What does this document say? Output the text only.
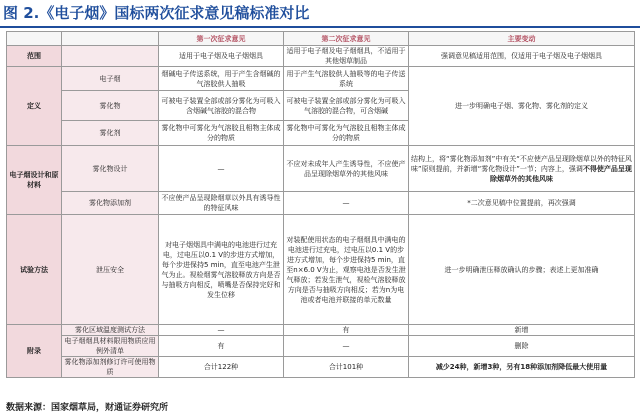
图 2.《电子烟》国标两次征求意见稿标准对比
		第一次征求意见	第二次征求意见	主要变动
范围		适用于电子烟及电子烟烟具	适用于电子烟及电子烟烟具，不适用于其他烟草制品	强调意见稿适用范围，仅适用于电子烟及电子烟烟具
定义	电子烟	烟碱电子传送系统，用于产生含烟碱的气溶胶供人抽吸	用于产生气溶胶供人抽吸等的电子传送系统	进一步明确电子烟、雾化物、雾化剂的定义
	雾化物	可被电子装置全部或部分雾化为可吸入含烟碱气溶胶的混合物	可被电子装置全部或部分雾化为可吸入气溶胶的混合物，可含烟碱	
	雾化剂	雾化物中可雾化为气溶胶且相物主体成分的物质	雾化物中可雾化为气溶胶且相物主体成分的物质	
电子烟设计和原材料	雾化物设计	—	不应对未成年人产生诱导性，不应使产品呈现除烟草外的其他风味	结构上，将“雾化物添加剂”中有关“不应使产品呈现除烟草以外的特征风味”原则提前，并新增“雾化物设计”一节；内容上，强调不得使产品呈现除烟草外的其他风味
	雾化物添加剂	不应使产品呈现除烟草以外具有诱导性的特征风味	—	*二次意见稿中位置提前，再次强调
试验方法	泄压安全	对电子烟烟具中满电的电池进行过充电，过电压以0.1 V的步进方式增加，每个步进保持5 min，直至电池产生泄气为止。视检烟雾气溶胶释放方向是否与抽吸方向相反，喷嘴是否保持完好和发生位移	对装配使用状态的电子烟烟具中满电的电池进行过充电，过电压以0.1 V的步进方式增加，每个步进保持5 min，直至n×6.0 V为止，观察电池是否发生泄气释放；若发生泄气，视检气溶胶释放方向是否与抽吸方向相反；若为n为电池或者电池并联接的单元数量	进一步明确泄压释放确认的步骤；表述上更加准确
附录	雾化区域温度测试方法	—	有	新增
	电子烟烟具材料限用物质应用例外清单	有	—	删除
	雾化物添加剂修订许可使用物质	合计122种	合计101种	减少24种，新增3种，另有18种添加剂降低最大使用量
数据来源：国家烟草局，财通证券研究所
